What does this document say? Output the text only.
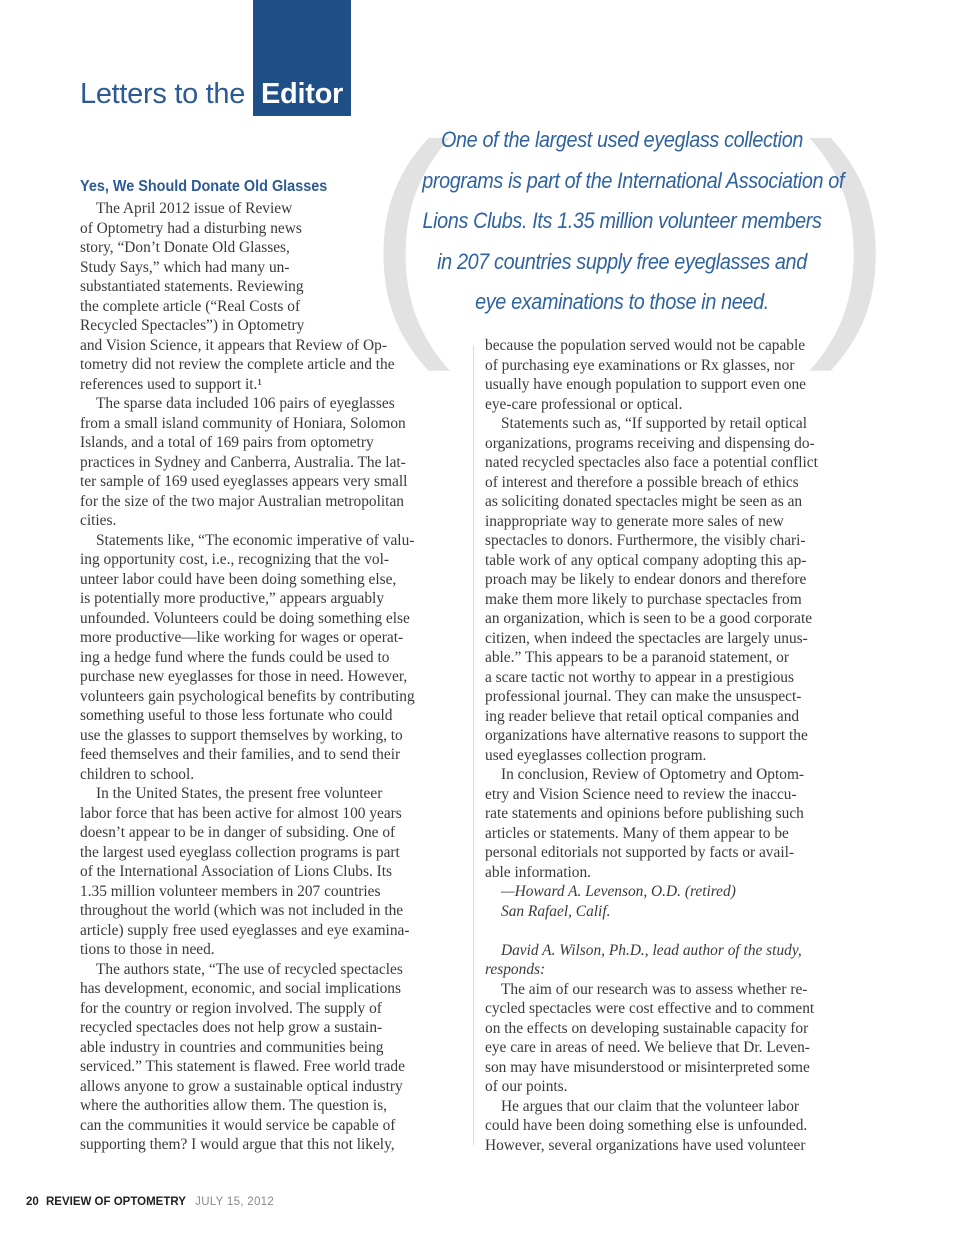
Letters to the Editor ( )
One of the largest used eyeglass collection
programs is part of the International Association of
Lions Clubs. Its 1.35 million volunteer members
in 207 countries supply free eyeglasses and
eye examinations to those in need.
Yes, We Should Donate Old Glasses
The April 2012 issue of Review
of Optometry had a disturbing news
story, “Don’t Donate Old Glasses,
Study Says,” which had many un-
substantiated statements. Reviewing
the complete article (“Real Costs of
Recycled Spectacles”) in Optometry
and Vision Science, it appears that Review of Op-
tometry did not review the complete article and the
references used to support it.¹
The sparse data included 106 pairs of eyeglasses
from a small island community of Honiara, Solomon
Islands, and a total of 169 pairs from optometry
practices in Sydney and Canberra, Australia. The lat-
ter sample of 169 used eyeglasses appears very small
for the size of the two major Australian metropolitan
cities.
Statements like, “The economic imperative of valu-
ing opportunity cost, i.e., recognizing that the vol-
unteer labor could have been doing something else,
is potentially more productive,” appears arguably
unfounded. Volunteers could be doing something else
more productive—like working for wages or operat-
ing a hedge fund where the funds could be used to
purchase new eyeglasses for those in need. However,
volunteers gain psychological benefits by contributing
something useful to those less fortunate who could
use the glasses to support themselves by working, to
feed themselves and their families, and to send their
children to school.
In the United States, the present free volunteer
labor force that has been active for almost 100 years
doesn’t appear to be in danger of subsiding. One of
the largest used eyeglass collection programs is part
of the International Association of Lions Clubs. Its
1.35 million volunteer members in 207 countries
throughout the world (which was not included in the
article) supply free used eyeglasses and eye examina-
tions to those in need.
The authors state, “The use of recycled spectacles
has development, economic, and social implications
for the country or region involved. The supply of
recycled spectacles does not help grow a sustain-
able industry in countries and communities being
serviced.” This statement is flawed. Free world trade
allows anyone to grow a sustainable optical industry
where the authorities allow them. The question is,
can the communities it would service be capable of
supporting them? I would argue that this not likely,
because the population served would not be capable
of purchasing eye examinations or Rx glasses, nor
usually have enough population to support even one
eye-care professional or optical.
Statements such as, “If supported by retail optical
organizations, programs receiving and dispensing do-
nated recycled spectacles also face a potential conflict
of interest and therefore a possible breach of ethics
as soliciting donated spectacles might be seen as an
inappropriate way to generate more sales of new
spectacles to donors. Furthermore, the visibly chari-
table work of any optical company adopting this ap-
proach may be likely to endear donors and therefore
make them more likely to purchase spectacles from
an organization, which is seen to be a good corporate
citizen, when indeed the spectacles are largely unus-
able.” This appears to be a paranoid statement, or
a scare tactic not worthy to appear in a prestigious
professional journal. They can make the unsuspect-
ing reader believe that retail optical companies and
organizations have alternative reasons to support the
used eyeglasses collection program.
In conclusion, Review of Optometry and Optom-
etry and Vision Science need to review the inaccu-
rate statements and opinions before publishing such
articles or statements. Many of them appear to be
personal editorials not supported by facts or avail-
able information.
—Howard A. Levenson, O.D. (retired)
San Rafael, Calif.
David A. Wilson, Ph.D., lead author of the study,
responds:
The aim of our research was to assess whether re-
cycled spectacles were cost effective and to comment
on the effects on developing sustainable capacity for
eye care in areas of need. We believe that Dr. Leven-
son may have misunderstood or misinterpreted some
of our points.
He argues that our claim that the volunteer labor
could have been doing something else is unfounded.
However, several organizations have used volunteer
20 REVIEW OF OPTOMETRY JULY 15, 2012
